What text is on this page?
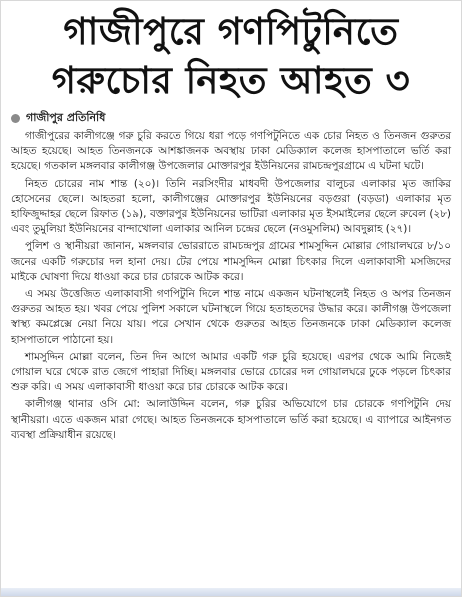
গাজীপুরে গণপিটুনিতে
গরুচোর নিহত আহত ৩
গাজীপুর প্রতিনিধি

গাজীপুরের কালীগঞ্জে গরু চুরি করতে গিয়ে ধরা পড়ে গণপিটুনিতে এক চোর নিহত ও তিনজন গুরুতর আহত হয়েছে। আহত তিনজনকে আশঙ্কাজনক অবস্থায় ঢাকা মেডিক্যাল কলেজ হাসপাতালে ভর্তি করা হয়েছে। গতকাল মঙ্গলবার কালীগঞ্জ উপজেলার মোক্তারপুর ইউনিয়নের রামচন্দ্রপুরগ্রামে এ ঘটনা ঘটে।

নিহত চোরের নাম শান্ত (২০)। তিনি নরসিংদীর মাধবদী উপজেলার বালুচর এলাকার মৃত জাকির হোসেনের ছেলে। আহতরা হলো, কালীগঞ্জের মোক্তারপুর ইউনিয়নের বড়গুরা (বড়ডা) এলাকার মৃত হাফিজুদ্দাহর ছেলে রিফাত (১৯), বক্তারপুর ইউনিয়নের ভাটিরা এলাকার মৃত ইসমাইলের ছেলে রুবেল (২৮) এবং তুমুলিয়া ইউনিয়নের বান্দাখোলা এলাকার আনিল চন্দ্রের ছেলে (নওমুসলিম) আবদুল্লাহ (২৭)।

পুলিশ ও স্থানীয়রা জানান, মঙ্গলবার ভোররাতে রামচন্দ্রপুর গ্রামের শামসুদ্দিন মোল্লার গোয়ালঘরে ৮/১০ জনের একটি গরুচোর দল হানা দেয়। টের পেয়ে শামসুদ্দিন মোল্লা চিৎকার দিলে এলাকাবাসী মসজিদের মাইকে ঘোষণা দিয়ে ধাওয়া করে চার চোরকে আটক করে।

এ সময় উত্তেজিত এলাকাবাসী গণপিটুনি দিলে শান্ত নামে একজন ঘটনাস্থলেই নিহত ও অপর তিনজন গুরুতর আহত হয়। খবর পেয়ে পুলিশ সকালে ঘটনাস্থলে গিয়ে হতাহতদের উদ্ধার করে। কালীগঞ্জ উপজেলা স্বাস্থ্য কমপ্লেক্সে নেয়া নিয়ে যায়। পরে সেখান থেকে গুরুতর আহত তিনজনকে ঢাকা মেডিক্যাল কলেজ হাসপাতালে পাঠানো হয়।

শামসুদ্দিন মোল্লা বলেন, তিন দিন আগে আমার একটি গরু চুরি হয়েছে। এরপর থেকে আমি নিজেই গোয়াল ঘরে থেকে রাত জেগে পাহারা দিচ্ছি। মঙ্গলবার ভোরে চোরের দল গোয়ালঘরে ঢুকে পড়লে চিৎকার শুরু করি। এ সময় এলাকাবাসী ধাওয়া করে চার চোরকে আটক করে।

কালীগঞ্জ থানার ওসি মো: আলাউদ্দিন বলেন, গরু চুরির অভিযোগে চার চোরকে গণপিটুনি দেয় স্থানীয়রা। এতে একজন মারা গেছে। আহত তিনজনকে হাসপাতালে ভর্তি করা হয়েছে। এ ব্যাপারে আইনগত ব্যবস্থা প্রক্রিয়াধীন রয়েছে।
